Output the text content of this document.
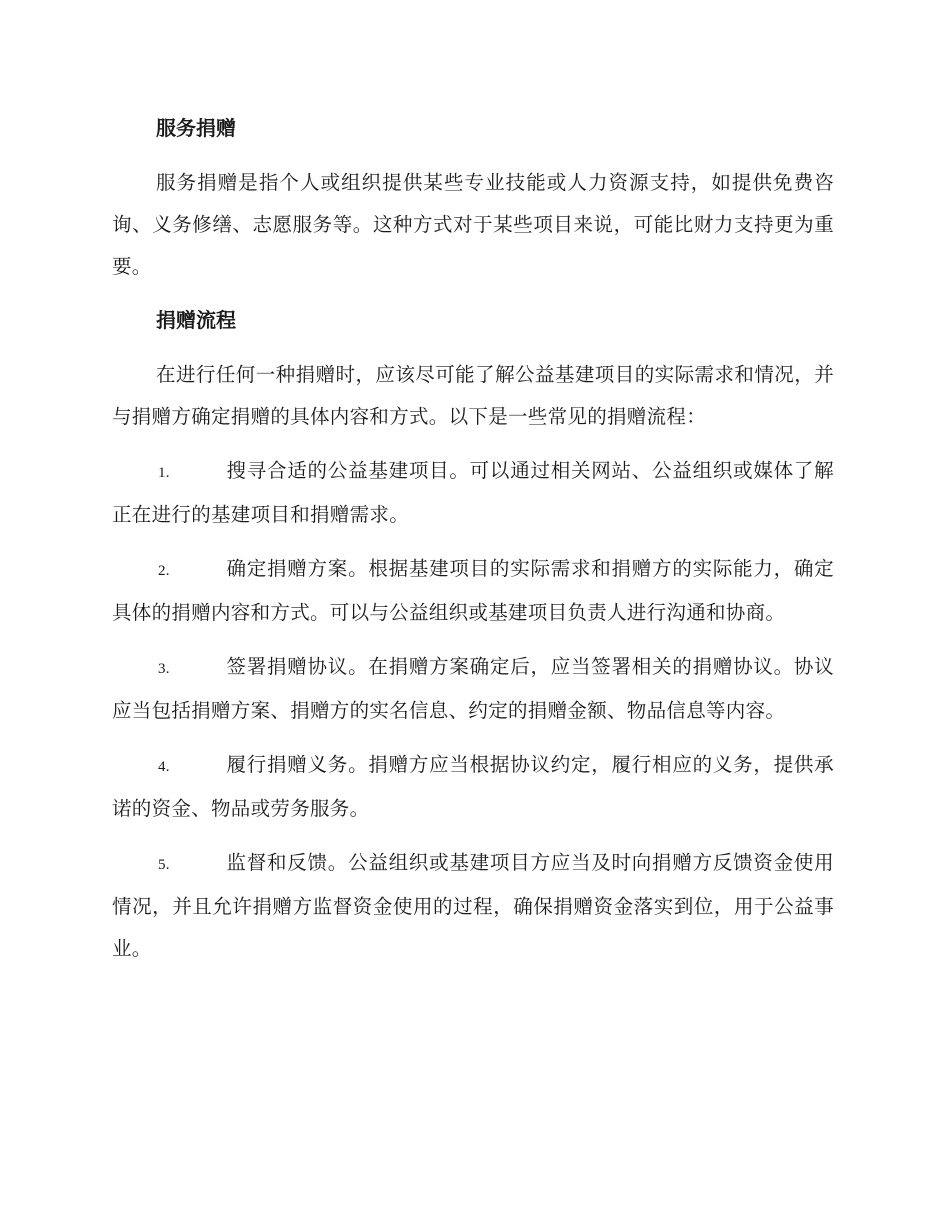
服务捐赠

服务捐赠是指个人或组织提供某些专业技能或人力资源支持，如提供免费咨询、义务修缮、志愿服务等。这种方式对于某些项目来说，可能比财力支持更为重要。

捐赠流程

在进行任何一种捐赠时，应该尽可能了解公益基建项目的实际需求和情况，并与捐赠方确定捐赠的具体内容和方式。以下是一些常见的捐赠流程：

1.	搜寻合适的公益基建项目。可以通过相关网站、公益组织或媒体了解正在进行的基建项目和捐赠需求。
2.	确定捐赠方案。根据基建项目的实际需求和捐赠方的实际能力，确定具体的捐赠内容和方式。可以与公益组织或基建项目负责人进行沟通和协商。
3.	签署捐赠协议。在捐赠方案确定后，应当签署相关的捐赠协议。协议应当包括捐赠方案、捐赠方的实名信息、约定的捐赠金额、物品信息等内容。
4.	履行捐赠义务。捐赠方应当根据协议约定，履行相应的义务，提供承诺的资金、物品或劳务服务。
5.	监督和反馈。公益组织或基建项目方应当及时向捐赠方反馈资金使用情况，并且允许捐赠方监督资金使用的过程，确保捐赠资金落实到位，用于公益事业。
